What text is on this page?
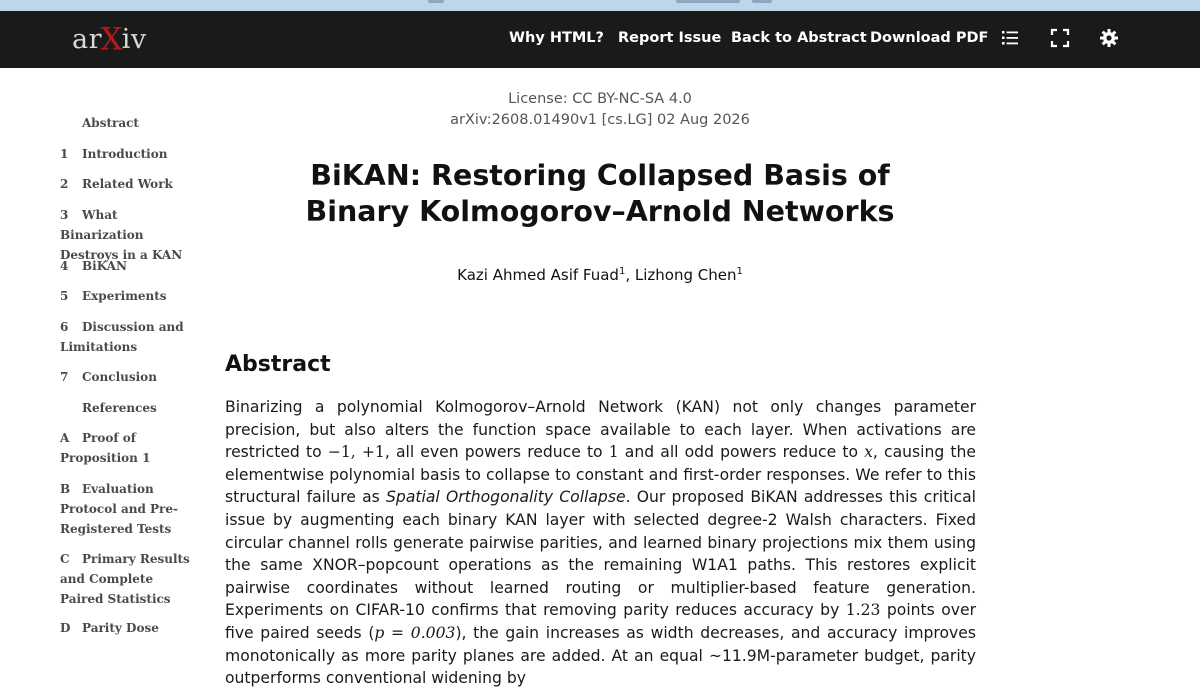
arXiv	Why HTML? Report Issue Back to Abstract Download PDF
Abstract
1 Introduction
2 Related Work
3 What Binarization Destroys in a KAN
4 BiKAN
5 Experiments
6 Discussion and Limitations
7 Conclusion
References
A Proof of Proposition 1
B Evaluation Protocol and Pre-Registered Tests
C Primary Results and Complete Paired Statistics
D Parity Dose
License: CC BY-NC-SA 4.0
arXiv:2608.01490v1 [cs.LG] 02 Aug 2026
BiKAN: Restoring Collapsed Basis of Binary Kolmogorov–Arnold Networks
Kazi Ahmed Asif Fuad$^1$, Lizhong Chen$^1$
Abstract

Binarizing a polynomial Kolmogorov–Arnold Network (KAN) not only changes parameter precision, but also alters the function space available to each layer. When activations are restricted to −1, +1, all even powers reduce to 1 and all odd powers reduce to x, causing the elementwise polynomial basis to collapse to constant and first-order responses. We refer to this structural failure as Spatial Orthogonality Collapse. Our proposed BiKAN addresses this critical issue by augmenting each binary KAN layer with selected degree-2 Walsh characters. Fixed circular channel rolls generate pairwise parities, and learned binary projections mix them using the same XNOR–popcount operations as the remaining W1A1 paths. This restores explicit pairwise coordinates without learned routing or multiplier-based feature generation. Experiments on CIFAR-10 confirms that removing parity reduces accuracy by 1.23 points over five paired seeds (p = 0.003), the gain increases as width decreases, and accuracy improves monotonically as more parity planes are added. At an equal ~11.9M-parameter budget, parity outperforms conventional widening by
